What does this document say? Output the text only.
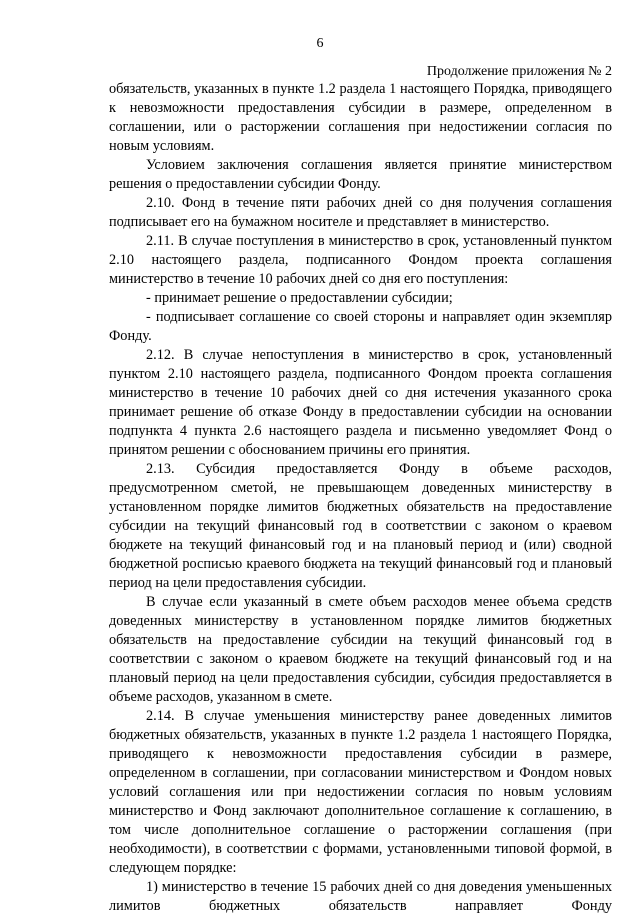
6
Продолжение приложения № 2

обязательств, указанных в пункте 1.2 раздела 1 настоящего Порядка, приводящего к невозможности предоставления субсидии в размере, определенном в соглашении, или о расторжении соглашения при недостижении согласия по новым условиям.

Условием заключения соглашения является принятие министерством решения о предоставлении субсидии Фонду.

2.10. Фонд в течение пяти рабочих дней со дня получения соглашения подписывает его на бумажном носителе и представляет в министерство.

2.11. В случае поступления в министерство в срок, установленный пунктом 2.10 настоящего раздела, подписанного Фондом проекта соглашения министерство в течение 10 рабочих дней со дня его поступления:

- принимает решение о предоставлении субсидии;

- подписывает соглашение со своей стороны и направляет один экземпляр Фонду.

2.12. В случае непоступления в министерство в срок, установленный пунктом 2.10 настоящего раздела, подписанного Фондом проекта соглашения министерство в течение 10 рабочих дней со дня истечения указанного срока принимает решение об отказе Фонду в предоставлении субсидии на основании подпункта 4 пункта 2.6 настоящего раздела и письменно уведомляет Фонд о принятом решении с обоснованием причины его принятия.

2.13. Субсидия предоставляется Фонду в объеме расходов, предусмотренном сметой, не превышающем доведенных министерству в установленном порядке лимитов бюджетных обязательств на предоставление субсидии на текущий финансовый год в соответствии с законом о краевом бюджете на текущий финансовый год и на плановый период и (или) сводной бюджетной росписью краевого бюджета на текущий финансовый год и плановый период на цели предоставления субсидии.

В случае если указанный в смете объем расходов менее объема средств доведенных министерству в установленном порядке лимитов бюджетных обязательств на предоставление субсидии на текущий финансовый год в соответствии с законом о краевом бюджете на текущий финансовый год и на плановый период на цели предоставления субсидии, субсидия предоставляется в объеме расходов, указанном в смете.

2.14. В случае уменьшения министерству ранее доведенных лимитов бюджетных обязательств, указанных в пункте 1.2 раздела 1 настоящего Порядка, приводящего к невозможности предоставления субсидии в размере, определенном в соглашении, при согласовании министерством и Фондом новых условий соглашения или при недостижении согласия по новым условиям министерство и Фонд заключают дополнительное соглашение к соглашению, в том числе дополнительное соглашение о расторжении соглашения (при необходимости), в соответствии с формами, установленными типовой формой, в следующем порядке:

1) министерство в течение 15 рабочих дней со дня доведения уменьшенных лимитов бюджетных обязательств направляет Фонду
